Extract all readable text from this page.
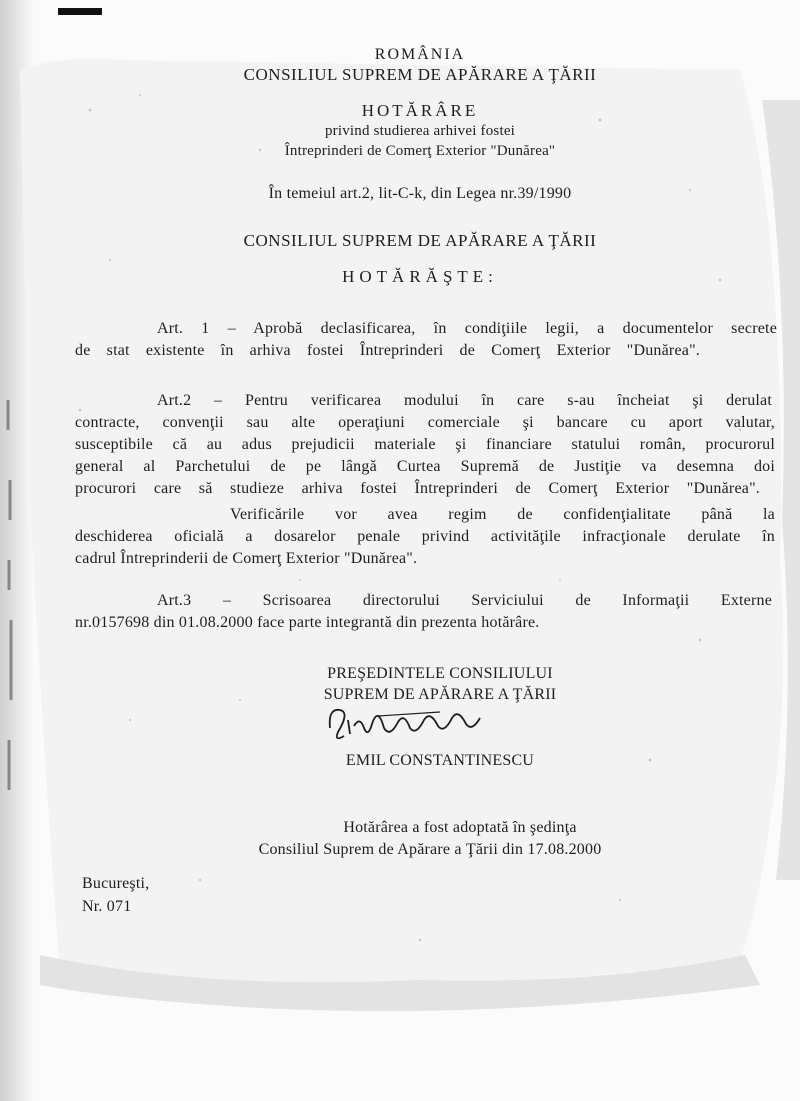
ROMÂNIA
CONSILIUL SUPREM DE APĂRARE A ŢĂRII
HOTĂRÂRE
privind studierea arhivei fostei
Întreprinderi de Comerţ Exterior "Dunărea"
În temeiul art.2, lit-C-k, din Legea nr.39/1990
CONSILIUL SUPREM DE APĂRARE A ŢĂRII
HOTĂRĂŞTE:
Art. 1 – Aprobă declasificarea, în condiţiile legii, a documentelor secrete
de stat existente în arhiva fostei Întreprinderi de Comerţ Exterior "Dunărea".
Art.2 – Pentru verificarea modului în care s-au încheiat şi derulat
contracte, convenţii sau alte operaţiuni comerciale şi bancare cu aport valutar,
susceptibile că au adus prejudicii materiale şi financiare statului român, procurorul
general al Parchetului de pe lângă Curtea Supremă de Justiţie va desemna doi
procurori care să studieze arhiva fostei Întreprinderi de Comerţ Exterior "Dunărea".
Verificările vor avea regim de confidenţialitate până la
deschiderea oficială a dosarelor penale privind activităţile infracţionale derulate în
cadrul Întreprinderii de Comerţ Exterior "Dunărea".
Art.3 – Scrisoarea directorului Serviciului de Informaţii Externe
nr.0157698 din 01.08.2000 face parte integrantă din prezenta hotărâre.
PREŞEDINTELE CONSILIULUI
SUPREM DE APĂRARE A ŢĂRII
EMIL CONSTANTINESCU
Hotărârea a fost adoptată în şedinţa
Consiliul Suprem de Apărare a Ţării din 17.08.2000
Bucureşti,
Nr. 071
